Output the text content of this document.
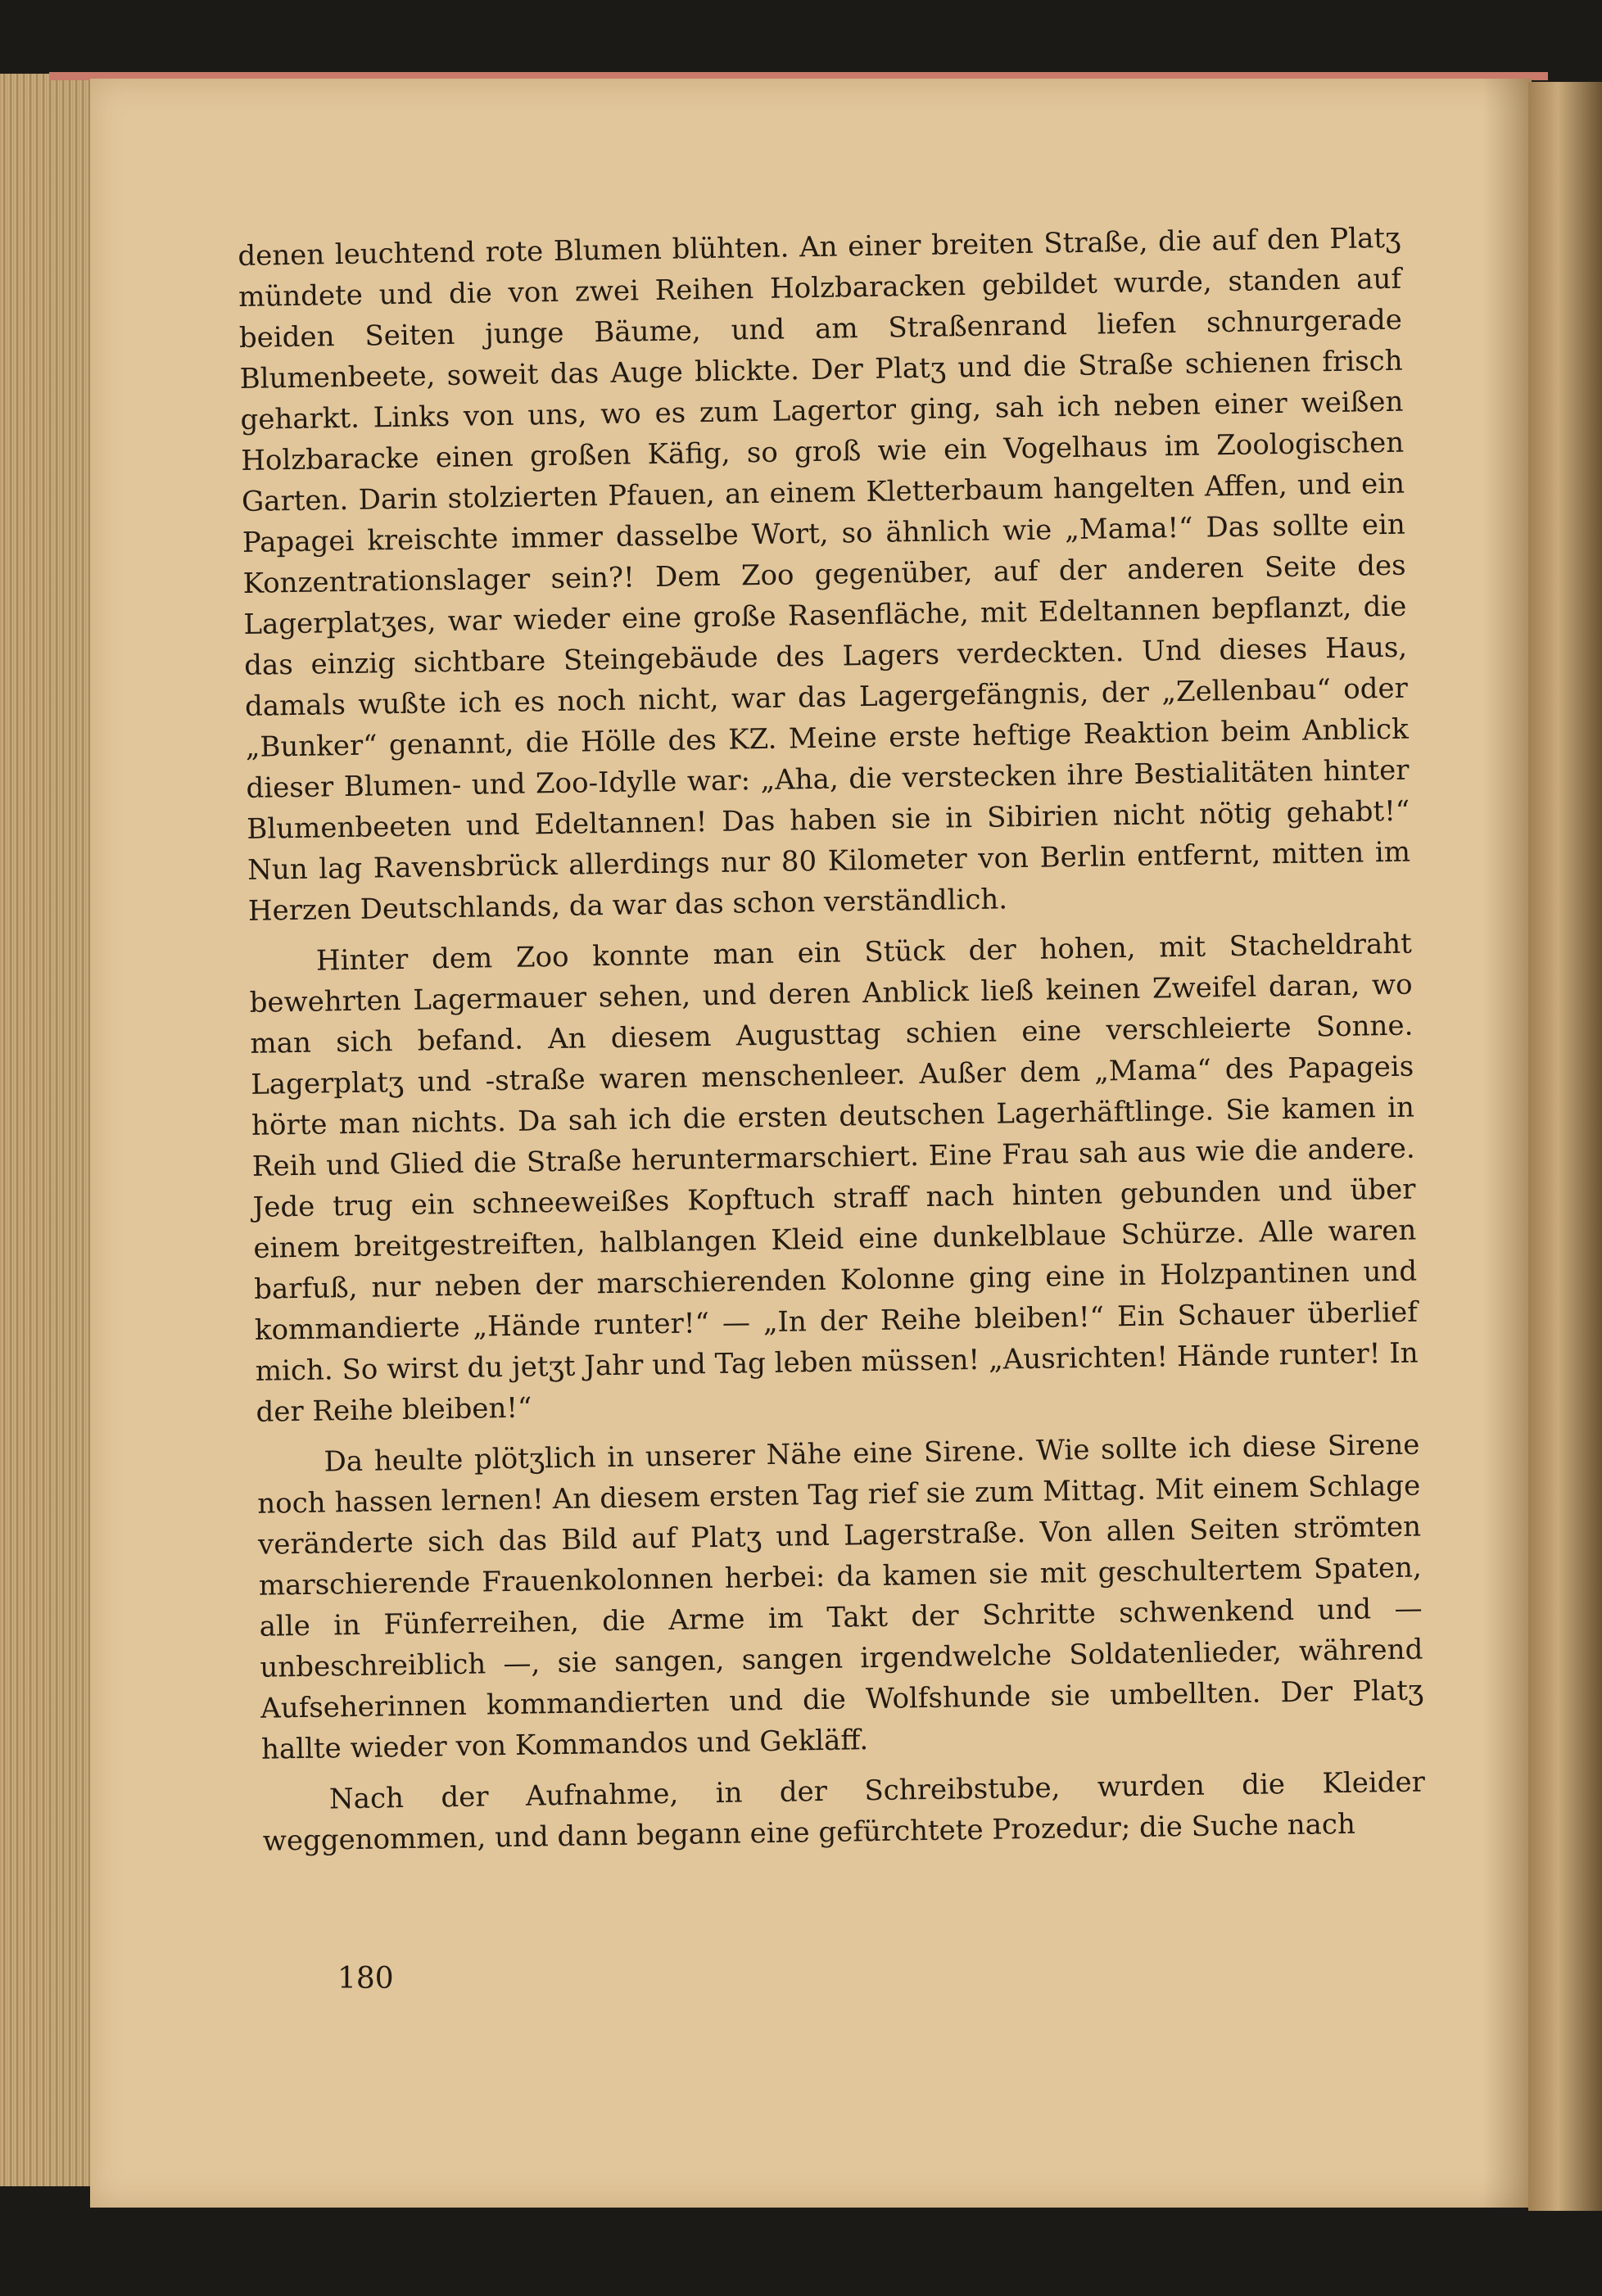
denen leuchtend rote Blumen blühten. An einer breiten Straße, die auf den Platʒ mündete und die von zwei Reihen Holzbaracken gebildet wurde, standen auf beiden Seiten junge Bäume, und am Straßenrand liefen schnurgerade Blumenbeete, soweit das Auge blickte. Der Platʒ und die Straße schienen frisch geharkt. Links von uns, wo es zum Lagertor ging, sah ich neben einer weißen Holzbaracke einen großen Käfig, so groß wie ein Vogelhaus im Zoologischen Garten. Darin stolzierten Pfauen, an einem Kletterbaum hangelten Affen, und ein Papagei kreischte immer dasselbe Wort, so ähnlich wie „Mama!“ Das sollte ein Konzentrationslager sein?! Dem Zoo gegenüber, auf der anderen Seite des Lagerplatʒes, war wieder eine große Rasenfläche, mit Edeltannen bepflanzt, die das einzig sichtbare Steingebäude des Lagers verdeckten. Und dieses Haus, damals wußte ich es noch nicht, war das Lagergefängnis, der „Zellenbau“ oder „Bunker“ genannt, die Hölle des KZ. Meine erste heftige Reaktion beim Anblick dieser Blumen- und Zoo-Idylle war: „Aha, die verstecken ihre Bestialitäten hinter Blumenbeeten und Edeltannen! Das haben sie in Sibirien nicht nötig gehabt!“ Nun lag Ravensbrück allerdings nur 80 Kilometer von Berlin entfernt, mitten im Herzen Deutschlands, da war das schon verständlich.

Hinter dem Zoo konnte man ein Stück der hohen, mit Stacheldraht bewehrten Lagermauer sehen, und deren Anblick ließ keinen Zweifel daran, wo man sich befand. An diesem Augusttag schien eine verschleierte Sonne. Lagerplatʒ und -straße waren menschenleer. Außer dem „Mama“ des Papageis hörte man nichts. Da sah ich die ersten deutschen Lagerhäftlinge. Sie kamen in Reih und Glied die Straße heruntermarschiert. Eine Frau sah aus wie die andere. Jede trug ein schneeweißes Kopftuch straff nach hinten gebunden und über einem breitgestreiften, halblangen Kleid eine dunkelblaue Schürze. Alle waren barfuß, nur neben der marschierenden Kolonne ging eine in Holzpantinen und kommandierte „Hände runter!“ — „In der Reihe bleiben!“ Ein Schauer überlief mich. So wirst du jetʒt Jahr und Tag leben müssen! „Ausrichten! Hände runter! In der Reihe bleiben!“

Da heulte plötʒlich in unserer Nähe eine Sirene. Wie sollte ich diese Sirene noch hassen lernen! An diesem ersten Tag rief sie zum Mittag. Mit einem Schlage veränderte sich das Bild auf Platʒ und Lagerstraße. Von allen Seiten strömten marschierende Frauenkolonnen herbei: da kamen sie mit geschultertem Spaten, alle in Fünferreihen, die Arme im Takt der Schritte schwenkend und — unbeschreiblich —, sie sangen, sangen irgendwelche Soldatenlieder, während Aufseherinnen kommandierten und die Wolfshunde sie umbellten. Der Platʒ hallte wieder von Kommandos und Gekläff.

Nach der Aufnahme, in der Schreibstube, wurden die Kleider weggenommen, und dann begann eine gefürchtete Prozedur; die Suche nach

180
